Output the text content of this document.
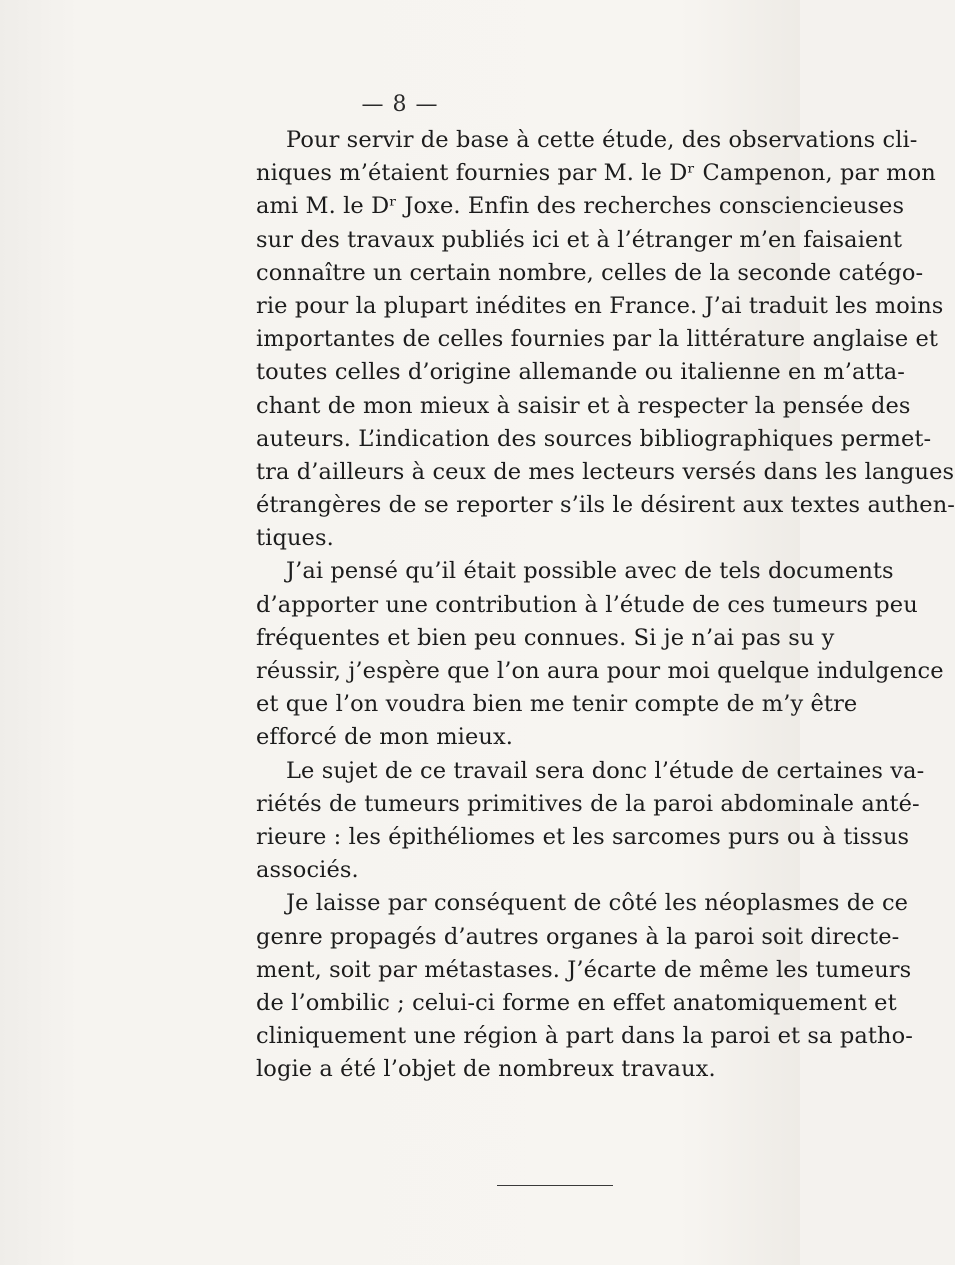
— 8 —
Pour servir de base à cette étude, des observations cli-
niques m’étaient fournies par M. le Dʳ Campenon, par mon
ami M. le Dʳ Joxe. Enfin des recherches consciencieuses
sur des travaux publiés ici et à l’étranger m’en faisaient
connaître un certain nombre, celles de la seconde catégo-
rie pour la plupart inédites en France. J’ai traduit les moins
importantes de celles fournies par la littérature anglaise et
toutes celles d’origine allemande ou italienne en m’atta-
chant de mon mieux à saisir et à respecter la pensée des
auteurs. L’indication des sources bibliographiques permet-
tra d’ailleurs à ceux de mes lecteurs versés dans les langues
étrangères de se reporter s’ils le désirent aux textes authen-
tiques.
J’ai pensé qu’il était possible avec de tels documents
d’apporter une contribution à l’étude de ces tumeurs peu
fréquentes et bien peu connues. Si je n’ai pas su y
réussir, j’espère que l’on aura pour moi quelque indulgence
et que l’on voudra bien me tenir compte de m’y être
efforcé de mon mieux.
Le sujet de ce travail sera donc l’étude de certaines va-
riétés de tumeurs primitives de la paroi abdominale anté-
rieure : les épithéliomes et les sarcomes purs ou à tissus
associés.
Je laisse par conséquent de côté les néoplasmes de ce
genre propagés d’autres organes à la paroi soit directe-
ment, soit par métastases. J’écarte de même les tumeurs
de l’ombilic ; celui-ci forme en effet anatomiquement et
cliniquement une région à part dans la paroi et sa patho-
logie a été l’objet de nombreux travaux.
